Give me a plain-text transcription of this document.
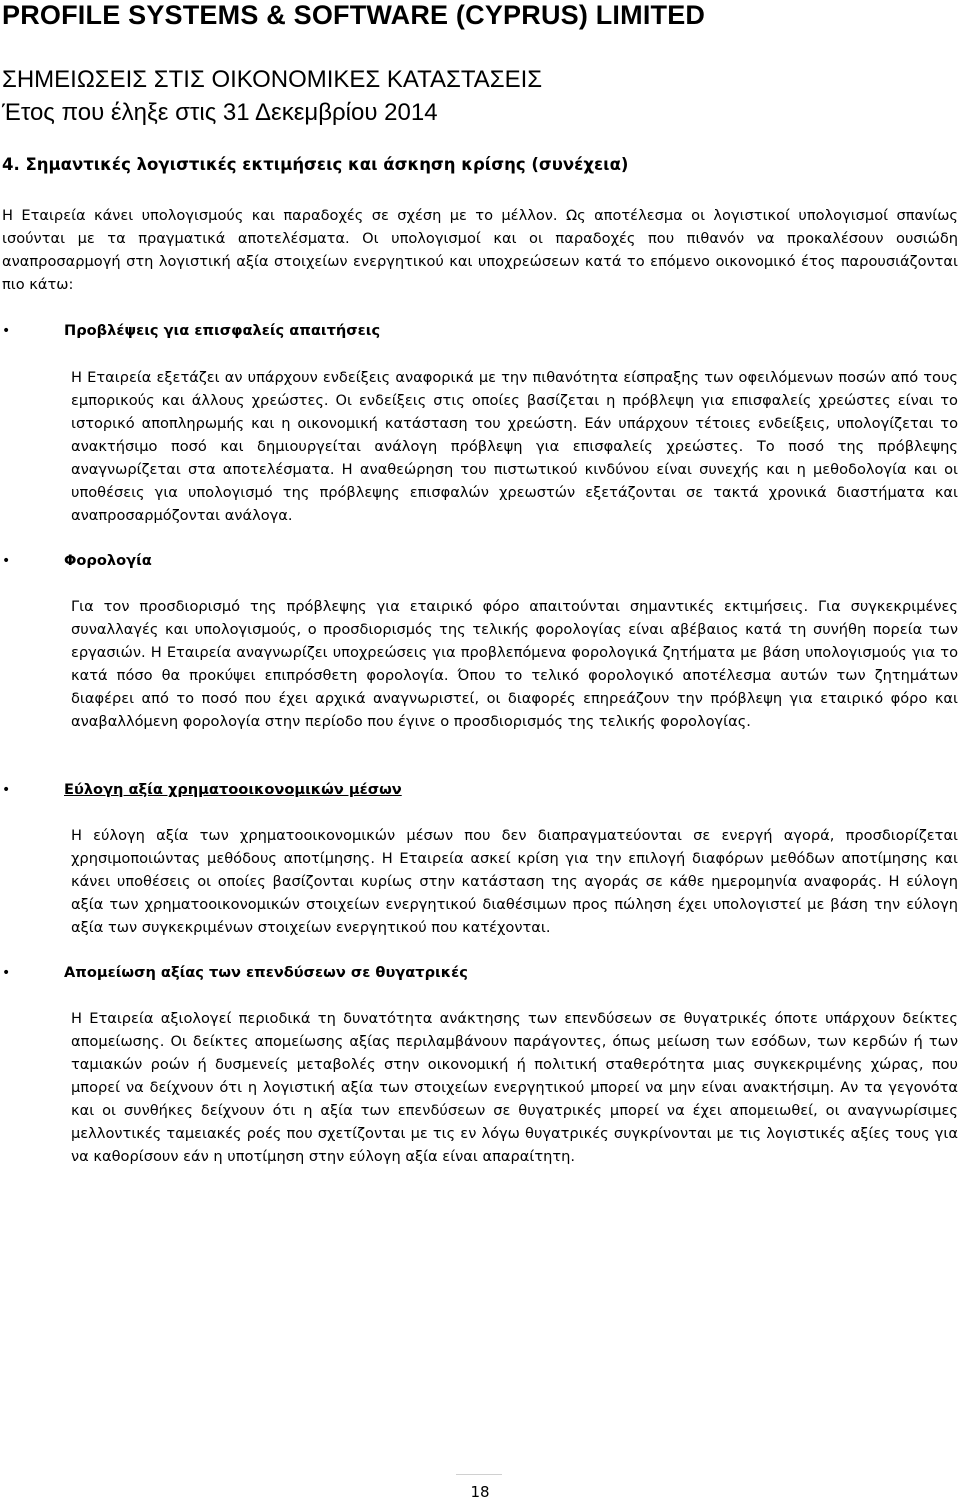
PROFILE SYSTEMS & SOFTWARE (CYPRUS) LIMITED
ΣΗΜΕΙΩΣΕΙΣ ΣΤΙΣ ΟΙΚΟΝΟΜΙΚΕΣ ΚΑΤΑΣΤΑΣΕΙΣ
Έτος που έληξε στις 31 Δεκεμβρίου 2014
4. Σημαντικές λογιστικές εκτιμήσεις και άσκηση κρίσης (συνέχεια)
Η Εταιρεία κάνει υπολογισμούς και παραδοχές σε σχέση με το μέλλον. Ως αποτέλεσμα οι λογιστικοί υπολογισμοί σπανίως ισούνται με τα πραγματικά αποτελέσματα. Οι υπολογισμοί και οι παραδοχές που πιθανόν να προκαλέσουν ουσιώδη αναπροσαρμογή στη λογιστική αξία στοιχείων ενεργητικού και υποχρεώσεων κατά το επόμενο οικονομικό έτος παρουσιάζονται πιο κάτω:
•	Προβλέψεις για επισφαλείς απαιτήσεις
Η Εταιρεία εξετάζει αν υπάρχουν ενδείξεις αναφορικά με την πιθανότητα είσπραξης των οφειλόμενων ποσών από τους εμπορικούς και άλλους χρεώστες. Οι ενδείξεις στις οποίες βασίζεται η πρόβλεψη για επισφαλείς χρεώστες είναι το ιστορικό αποπληρωμής και η οικονομική κατάσταση του χρεώστη. Εάν υπάρχουν τέτοιες ενδείξεις, υπολογίζεται το ανακτήσιμο ποσό και δημιουργείται ανάλογη πρόβλεψη για επισφαλείς χρεώστες. Το ποσό της πρόβλεψης αναγνωρίζεται στα αποτελέσματα. Η αναθεώρηση του πιστωτικού κινδύνου είναι συνεχής και η μεθοδολογία και οι υποθέσεις για υπολογισμό της πρόβλεψης επισφαλών χρεωστών εξετάζονται σε τακτά χρονικά διαστήματα και αναπροσαρμόζονται ανάλογα.
•	Φορολογία
Για τον προσδιορισμό της πρόβλεψης για εταιρικό φόρο απαιτούνται σημαντικές εκτιμήσεις. Για συγκεκριμένες συναλλαγές και υπολογισμούς, ο προσδιορισμός της τελικής φορολογίας είναι αβέβαιος κατά τη συνήθη πορεία των εργασιών. Η Εταιρεία αναγνωρίζει υποχρεώσεις για προβλεπόμενα φορολογικά ζητήματα με βάση υπολογισμούς για το κατά πόσο θα προκύψει επιπρόσθετη φορολογία. Όπου το τελικό φορολογικό αποτέλεσμα αυτών των ζητημάτων διαφέρει από το ποσό που έχει αρχικά αναγνωριστεί, οι διαφορές επηρεάζουν την πρόβλεψη για εταιρικό φόρο και αναβαλλόμενη φορολογία στην περίοδο που έγινε ο προσδιορισμός της τελικής φορολογίας.
•	Εύλογη αξία χρηματοοικονομικών μέσων
Η εύλογη αξία των χρηματοοικονομικών μέσων που δεν διαπραγματεύονται σε ενεργή αγορά, προσδιορίζεται χρησιμοποιώντας μεθόδους αποτίμησης. Η Εταιρεία ασκεί κρίση για την επιλογή διαφόρων μεθόδων αποτίμησης και κάνει υποθέσεις οι οποίες βασίζονται κυρίως στην κατάσταση της αγοράς σε κάθε ημερομηνία αναφοράς. Η εύλογη αξία των χρηματοοικονομικών στοιχείων ενεργητικού διαθέσιμων προς πώληση έχει υπολογιστεί με βάση την εύλογη αξία των συγκεκριμένων στοιχείων ενεργητικού που κατέχονται.
•	Απομείωση αξίας των επενδύσεων σε θυγατρικές
Η Εταιρεία αξιολογεί περιοδικά τη δυνατότητα ανάκτησης των επενδύσεων σε θυγατρικές όποτε υπάρχουν δείκτες απομείωσης. Οι δείκτες απομείωσης αξίας περιλαμβάνουν παράγοντες, όπως μείωση των εσόδων, των κερδών ή των ταμιακών ροών ή δυσμενείς μεταβολές στην οικονομική ή πολιτική σταθερότητα μιας συγκεκριμένης χώρας, που μπορεί να δείχνουν ότι η λογιστική αξία των στοιχείων ενεργητικού μπορεί να μην είναι ανακτήσιμη. Αν τα γεγονότα και οι συνθήκες δείχνουν ότι η αξία των επενδύσεων σε θυγατρικές μπορεί να έχει απομειωθεί, οι αναγνωρίσιμες μελλοντικές ταμειακές ροές που σχετίζονται με τις εν λόγω θυγατρικές συγκρίνονται με τις λογιστικές αξίες τους για να καθορίσουν εάν η υποτίμηση στην εύλογη αξία είναι απαραίτητη.
18
